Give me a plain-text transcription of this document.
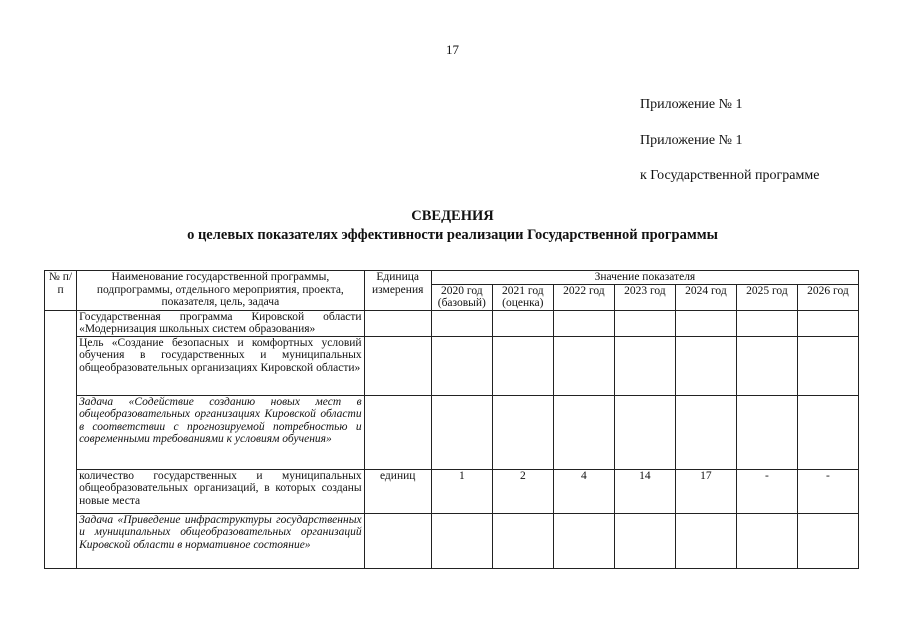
17
Приложение № 1
Приложение № 1
к Государственной программе
СВЕДЕНИЯ
о целевых показателях эффективности реализации Государственной программы
№ п/п	Наименование государственной программы, подпрограммы, отдельного мероприятия, проекта, показателя, цель, задача	Единица измерения	Значение показателя						
			2020 год (базовый)	2021 год (оценка)	2022 год	2023 год	2024 год	2025 год	2026 год
	Государственная программа Кировской области «Модернизация школьных систем образования»								
	Цель «Создание безопасных и комфортных условий обучения в государственных и муниципальных общеобразовательных организациях Кировской области»								
	Задача «Содействие созданию новых мест в общеобразовательных организациях Кировской области в соответствии с прогнозируемой потребностью и современными требованиями к условиям обучения»								
	количество государственных и муниципальных общеобразовательных организаций, в которых созданы новые места	единиц	1	2	4	14	17	-	-
	Задача «Приведение инфраструктуры государственных и муниципальных общеобразовательных организаций Кировской области в нормативное состояние»								
